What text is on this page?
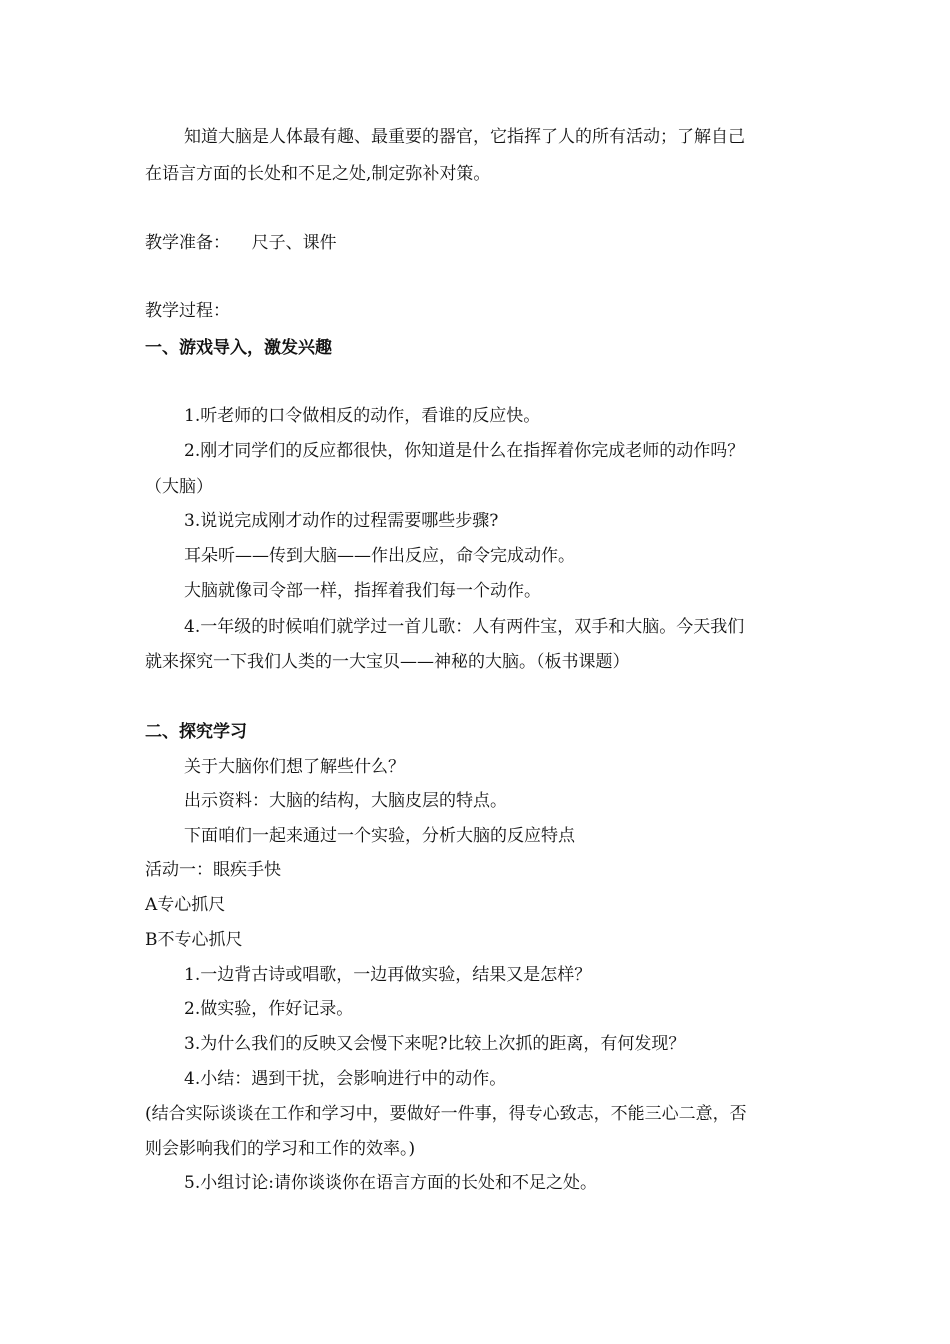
知道大脑是人体最有趣、最重要的器官，它指挥了人的所有活动；了解自己
在语言方面的长处和不足之处,制定弥补对策。
教学准备：    尺子、课件
教学过程：
一、游戏导入，激发兴趣
1.听老师的口令做相反的动作，看谁的反应快。
2.刚才同学们的反应都很快，你知道是什么在指挥着你完成老师的动作吗？
（大脑）
3.说说完成刚才动作的过程需要哪些步骤?
耳朵听——传到大脑——作出反应，命令完成动作。
大脑就像司令部一样，指挥着我们每一个动作。
4.一年级的时候咱们就学过一首儿歌：人有两件宝，双手和大脑。今天我们
就来探究一下我们人类的一大宝贝——神秘的大脑。（板书课题）
二、探究学习
关于大脑你们想了解些什么？
出示资料：大脑的结构，大脑皮层的特点。
下面咱们一起来通过一个实验，分析大脑的反应特点
活动一：眼疾手快
A专心抓尺
B不专心抓尺
1.一边背古诗或唱歌，一边再做实验，结果又是怎样？
2.做实验，作好记录。
3.为什么我们的反映又会慢下来呢?比较上次抓的距离，有何发现？
4.小结：遇到干扰，会影响进行中的动作。
(结合实际谈谈在工作和学习中，要做好一件事，得专心致志，不能三心二意，否
则会影响我们的学习和工作的效率。)
5.小组讨论:请你谈谈你在语言方面的长处和不足之处。
